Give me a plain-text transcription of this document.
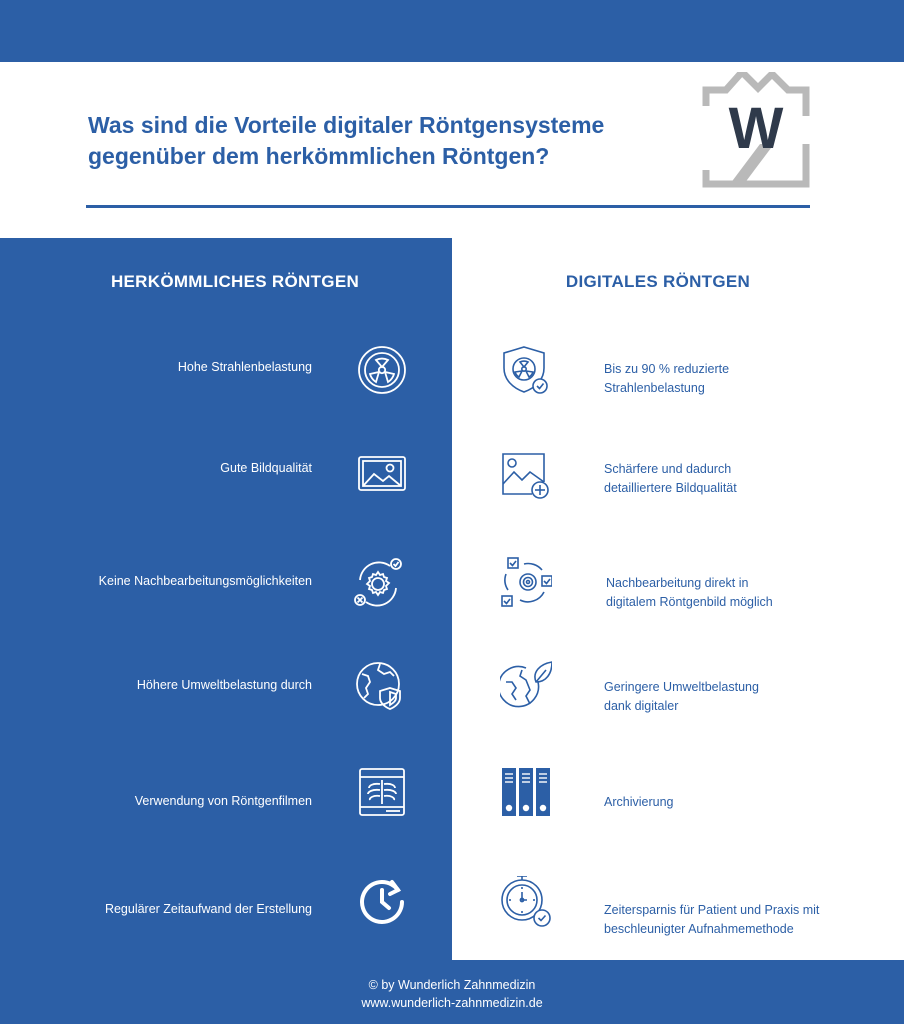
Was sind die Vorteile digitaler Röntgensysteme
gegenüber dem herkömmlichen Röntgen?	W
HERKÖMMLICHES RÖNTGEN	DIGITALES RÖNTGEN
Hohe Strahlenbelastung
Gute Bildqualität
Keine Nachbearbeitungsmöglichkeiten
Höhere Umweltbelastung durch
Verwendung von Röntgenfilmen
Regulärer Zeitaufwand der Erstellung
Bis zu 90 % reduzierte
Strahlenbelastung
Schärfere und dadurch
detailliertere Bildqualität
Nachbearbeitung direkt in
digitalem Röntgenbild möglich
Geringere Umweltbelastung
dank digitaler
Archivierung
Zeitersparnis für Patient und Praxis mit
beschleunigter Aufnahmemethode
© by Wunderlich Zahnmedizin
www.wunderlich-zahnmedizin.de
